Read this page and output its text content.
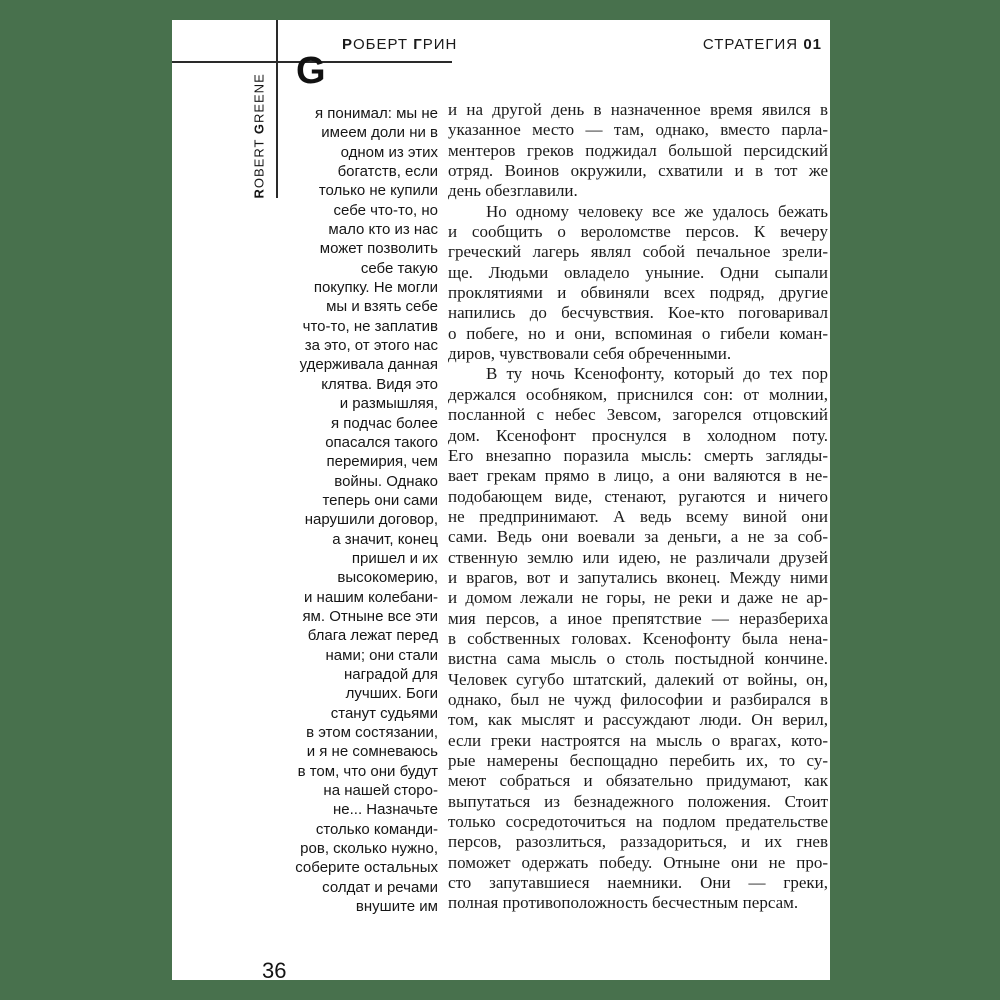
РОБЕРТ ГРИН	СТРАТЕГИЯ 01
G
ROBERT GREENE	я понимал: мы не
имеем доли ни в
одном из этих
богатств, если
только не купили
себе что-то, но
мало кто из нас
может позволить
себе такую
покупку. Не могли
мы и взять себе
что-то, не заплатив
за это, от этого нас
удерживала данная
клятва. Видя это
и размышляя,
я подчас более
опасался такого
перемирия, чем
войны. Однако
теперь они сами
нарушили договор,
а значит, конец
пришел и их
высокомерию,
и нашим колебани-
ям. Отныне все эти
блага лежат перед
нами; они стали
наградой для
лучших. Боги
станут судьями
в этом состязании,
и я не сомневаюсь
в том, что они будут
на нашей сторо-
не... Назначьте
столько команди-
ров, сколько нужно,
соберите остальных
солдат и речами
внушите им
и на другой день в назначенное время явился в
указанное место — там, однако, вместо парла-
ментеров греков поджидал большой персидский
отряд. Воинов окружили, схватили и в тот же
день обезглавили.
Но одному человеку все же удалось бежать
и сообщить о вероломстве персов. К вечеру
греческий лагерь являл собой печальное зрели-
ще. Людьми овладело уныние. Одни сыпали
проклятиями и обвиняли всех подряд, другие
напились до бесчувствия. Кое-кто поговаривал
о побеге, но и они, вспоминая о гибели коман-
диров, чувствовали себя обреченными.
В ту ночь Ксенофонту, который до тех пор
держался особняком, приснился сон: от молнии,
посланной с небес Зевсом, загорелся отцовский
дом. Ксенофонт проснулся в холодном поту.
Его внезапно поразила мысль: смерть загляды-
вает грекам прямо в лицо, а они валяются в не-
подобающем виде, стенают, ругаются и ничего
не предпринимают. А ведь всему виной они
сами. Ведь они воевали за деньги, а не за соб-
ственную землю или идею, не различали друзей
и врагов, вот и запутались вконец. Между ними
и домом лежали не горы, не реки и даже не ар-
мия персов, а иное препятствие — неразбериха
в собственных головах. Ксенофонту была нена-
вистна сама мысль о столь постыдной кончине.
Человек сугубо штатский, далекий от войны, он,
однако, был не чужд философии и разбирался в
том, как мыслят и рассуждают люди. Он верил,
если греки настроятся на мысль о врагах, кото-
рые намерены беспощадно перебить их, то су-
меют собраться и обязательно придумают, как
выпутаться из безнадежного положения. Стоит
только сосредоточиться на подлом предательстве
персов, разозлиться, раззадориться, и их гнев
поможет одержать победу. Отныне они не про-
сто запутавшиеся наемники. Они — греки,
полная противоположность бесчестным персам.
36
